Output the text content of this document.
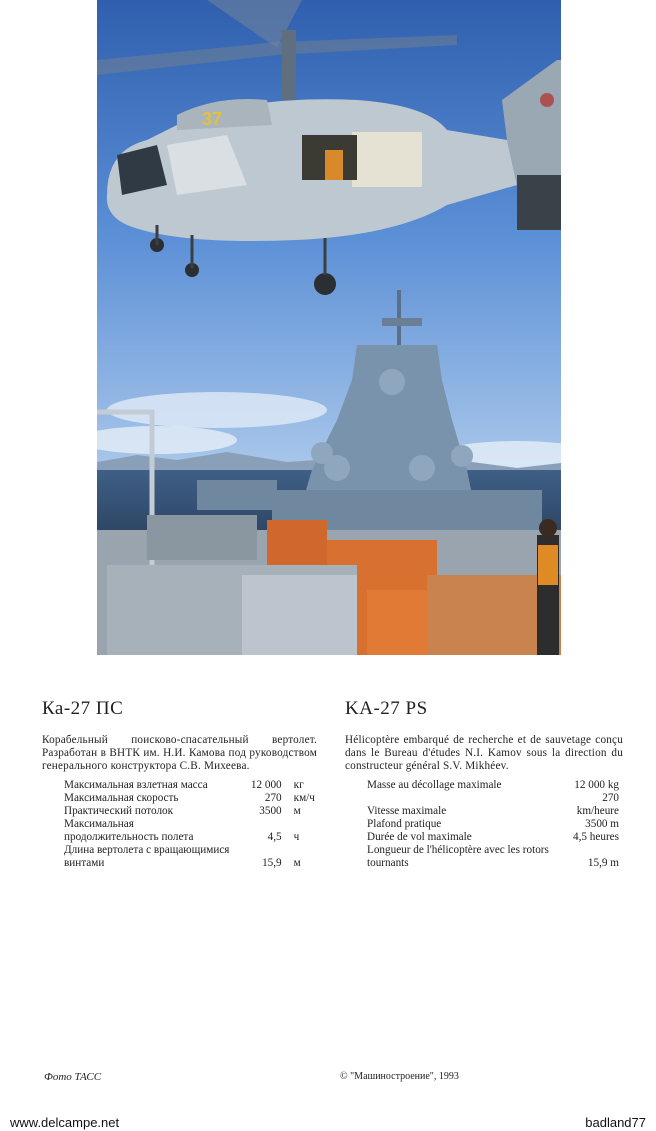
37
Ка-27 ПС

Корабельный поисково-спасательный вертолет. Разработан в ВНТК им. Н.И. Камова под руководством генерального конструктора С.В. Михеева.

Максимальная взлетная масса	12 000	кг
Максимальная скорость	270	км/ч
Практический потолок	3500	м
Максимальная продолжительность полета	4,5	ч
Длина вертолета с вращающимися винтами	15,9	м
KA-27 PS

Hélicoptère embarqué de recherche et de sauvetage conçu dans le Bureau d'études N.I. Kamov sous la direction du constructeur général S.V. Mikhéev.

Masse au décollage maximale	12 000 kg
Vitesse maximale	270 km/heure
Plafond pratique	3500 m
Durée de vol maximale	4,5 heures
Longueur de l'hélicoptère avec les rotors tournants	15,9 m
Фото ТАСС	© "Машиностроение", 1993
www.delcampe.net	badland77
